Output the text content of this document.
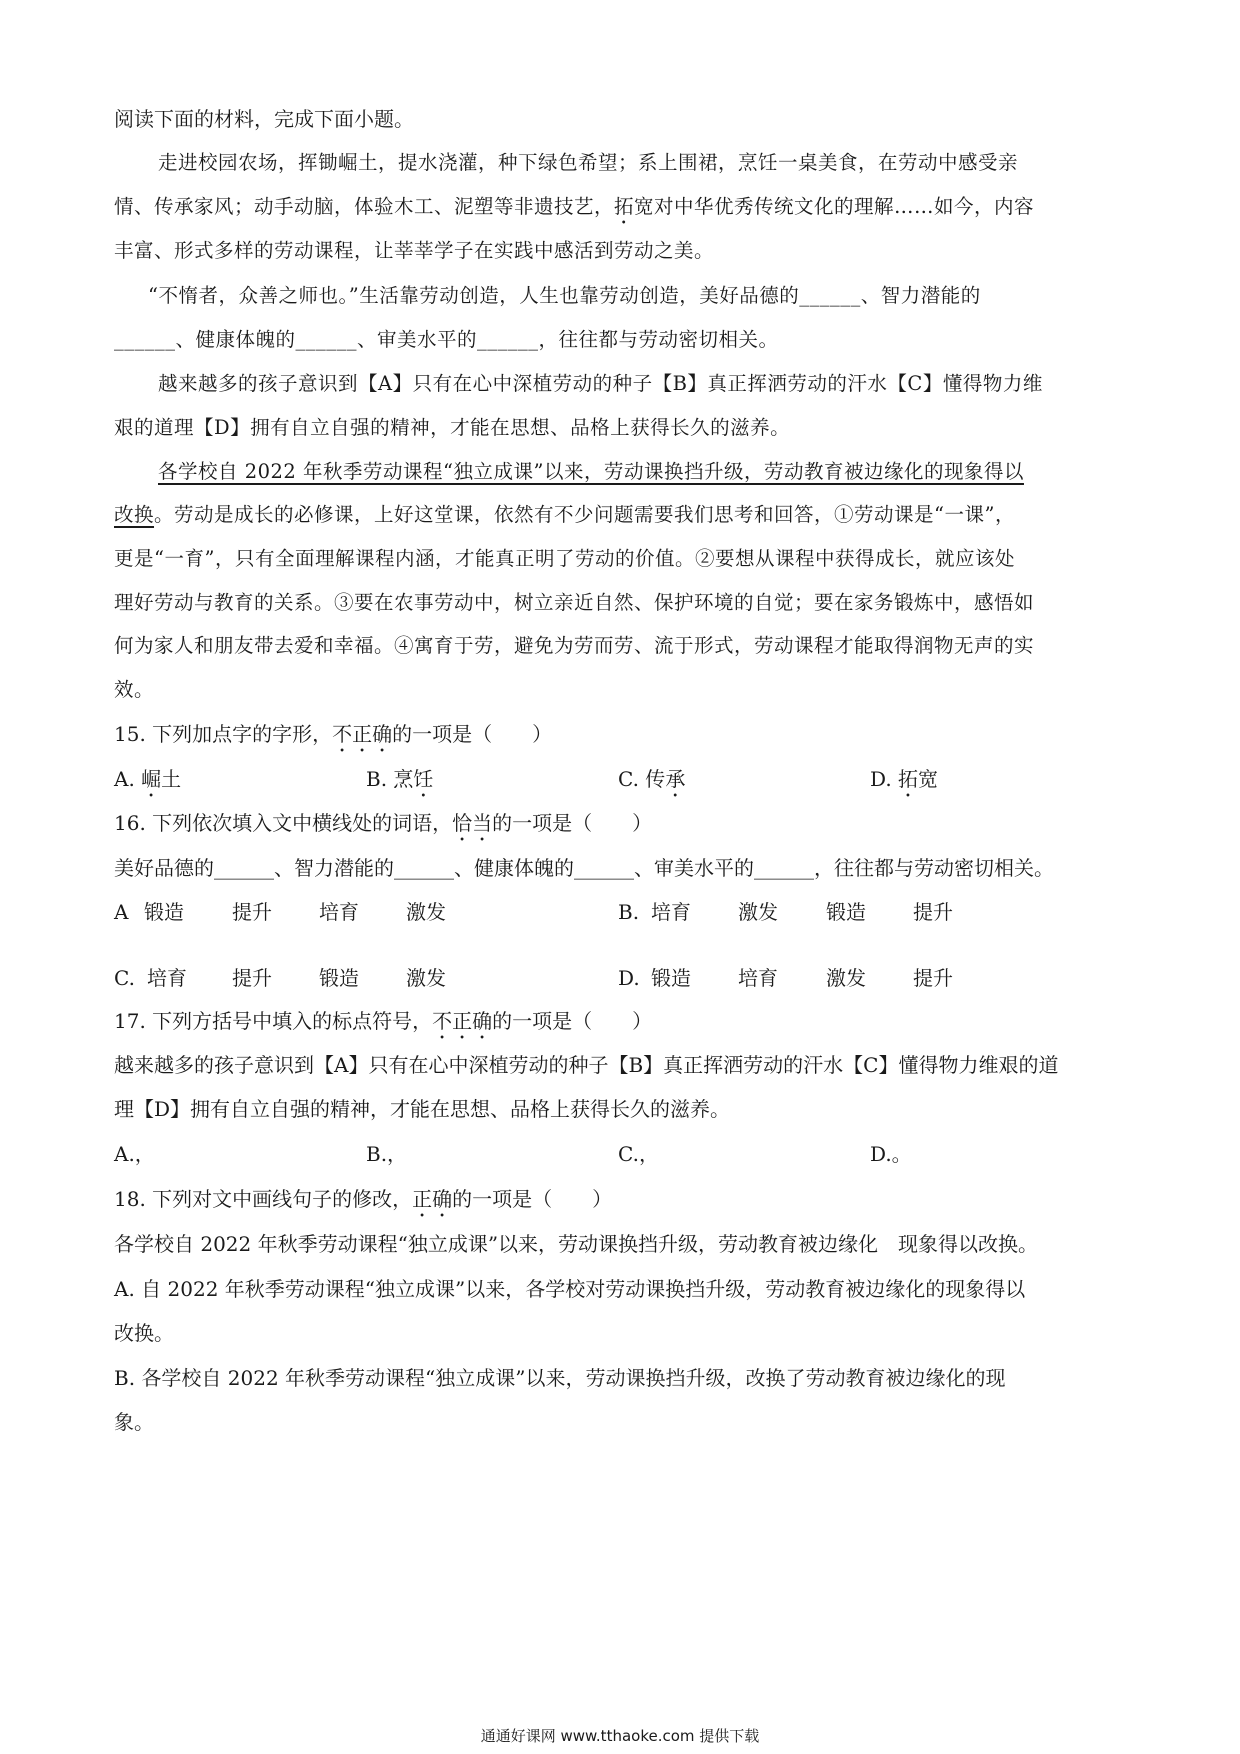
阅读下面的材料，完成下面小题。
走进校园农场，挥锄崛土，提水浇灌，种下绿色希望；系上围裙，烹饪一桌美食，在劳动中感受亲
情、传承家风；动手动脑，体验木工、泥塑等非遗技艺，拓宽对中华优秀传统文化的理解……如今，内容
丰富、形式多样的劳动课程，让莘莘学子在实践中感活到劳动之美。
“不惰者，众善之师也。”生活靠劳动创造，人生也靠劳动创造，美好品德的______、智力潜能的
______、健康体魄的______、审美水平的______，往往都与劳动密切相关。
越来越多的孩子意识到【A】只有在心中深植劳动的种子【B】真正挥洒劳动的汗水【C】懂得物力维
艰的道理【D】拥有自立自强的精神，才能在思想、品格上获得长久的滋养。
各学校自 2022 年秋季劳动课程“独立成课”以来，劳动课换挡升级，劳动教育被边缘化的现象得以
改换。劳动是成长的必修课，上好这堂课，依然有不少问题需要我们思考和回答，①劳动课是“一课”，
更是“一育”，只有全面理解课程内涵，才能真正明了劳动的价值。②要想从课程中获得成长，就应该处
理好劳动与教育的关系。③要在农事劳动中，树立亲近自然、保护环境的自觉；要在家务锻炼中，感悟如
何为家人和朋友带去爱和幸福。④寓育于劳，避免为劳而劳、流于形式，劳动课程才能取得润物无声的实
效。
15. 下列加点字的字形，不正确的一项是（　　）
A. 崛土	B. 烹饪	C. 传承	D. 拓宽
16. 下列依次填入文中横线处的词语，恰当的一项是（　　）
美好品德的______、智力潜能的______、健康体魄的______、审美水平的______，往往都与劳动密切相关。
A 锻造 提升 培育 激发	B. 培育 激发 锻造 提升
C. 培育 提升 锻造 激发	D. 锻造 培育 激发 提升
17. 下列方括号中填入的标点符号，不正确的一项是（　　）
越来越多的孩子意识到【A】只有在心中深植劳动的种子【B】真正挥洒劳动的汗水【C】懂得物力维艰的道
理【D】拥有自立自强的精神，才能在思想、品格上获得长久的滋养。
A.，	B.，	C.，	D.。
18. 下列对文中画线句子的修改，正确的一项是（　　）
各学校自 2022 年秋季劳动课程“独立成课”以来，劳动课换挡升级，劳动教育被边缘化　现象得以改换。
A. 自 2022 年秋季劳动课程“独立成课”以来，各学校对劳动课换挡升级，劳动教育被边缘化的现象得以
改换。
B. 各学校自 2022 年秋季劳动课程“独立成课”以来，劳动课换挡升级，改换了劳动教育被边缘化的现
象。
通通好课网 www.tthaoke.com 提供下载
